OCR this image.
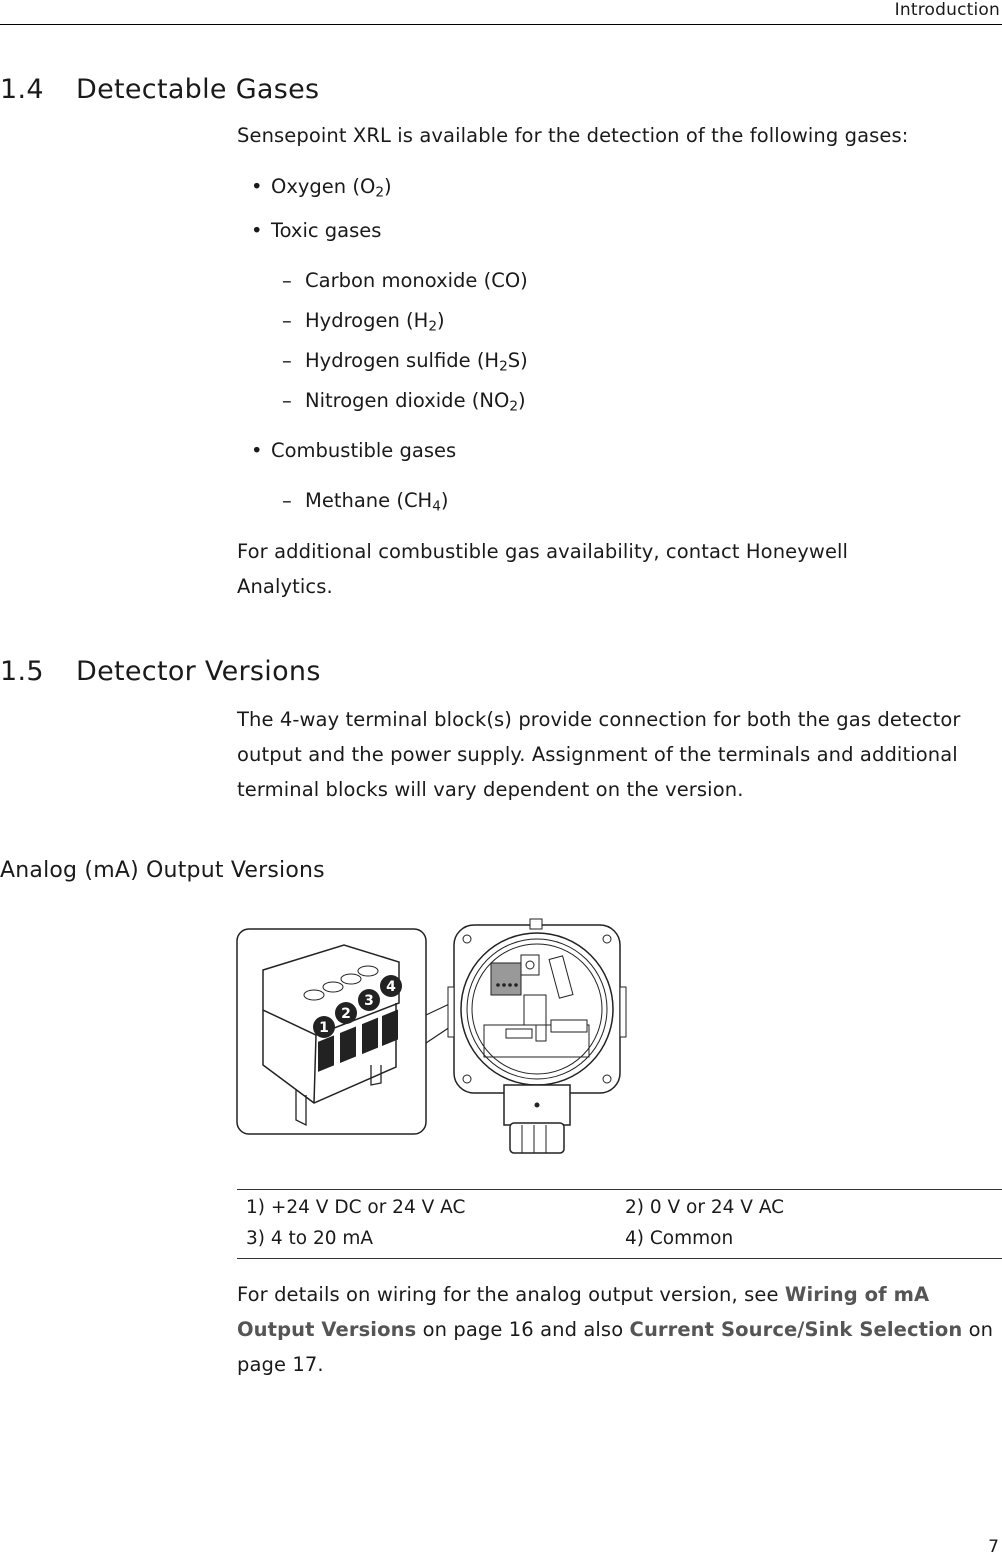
Introduction
1.4 Detectable Gases

Sensepoint XRL is available for the detection of the following gases:

• Oxygen $(O_2)$
• Toxic gases
– Carbon monoxide (CO)
– Hydrogen $(H_2)$
– Hydrogen sulfide $(H_2S)$
– Nitrogen dioxide $(NO_2)$
• Combustible gases
– Methane $(CH_4)$

For additional combustible gas availability, contact Honeywell Analytics.

1.5 Detector Versions

The 4-way terminal block(s) provide connection for both the gas detector output and the power supply. Assignment of the terminals and additional terminal blocks will vary dependent on the version.

Analog (mA) Output Versions
1
2
3
4
1) +24 V DC or 24 V AC	2) 0 V or 24 V AC
3) 4 to 20 mA	4) Common

For details on wiring for the analog output version, see Wiring of mA Output Versions on page 16 and also Current Source/Sink Selection on page 17.

7
